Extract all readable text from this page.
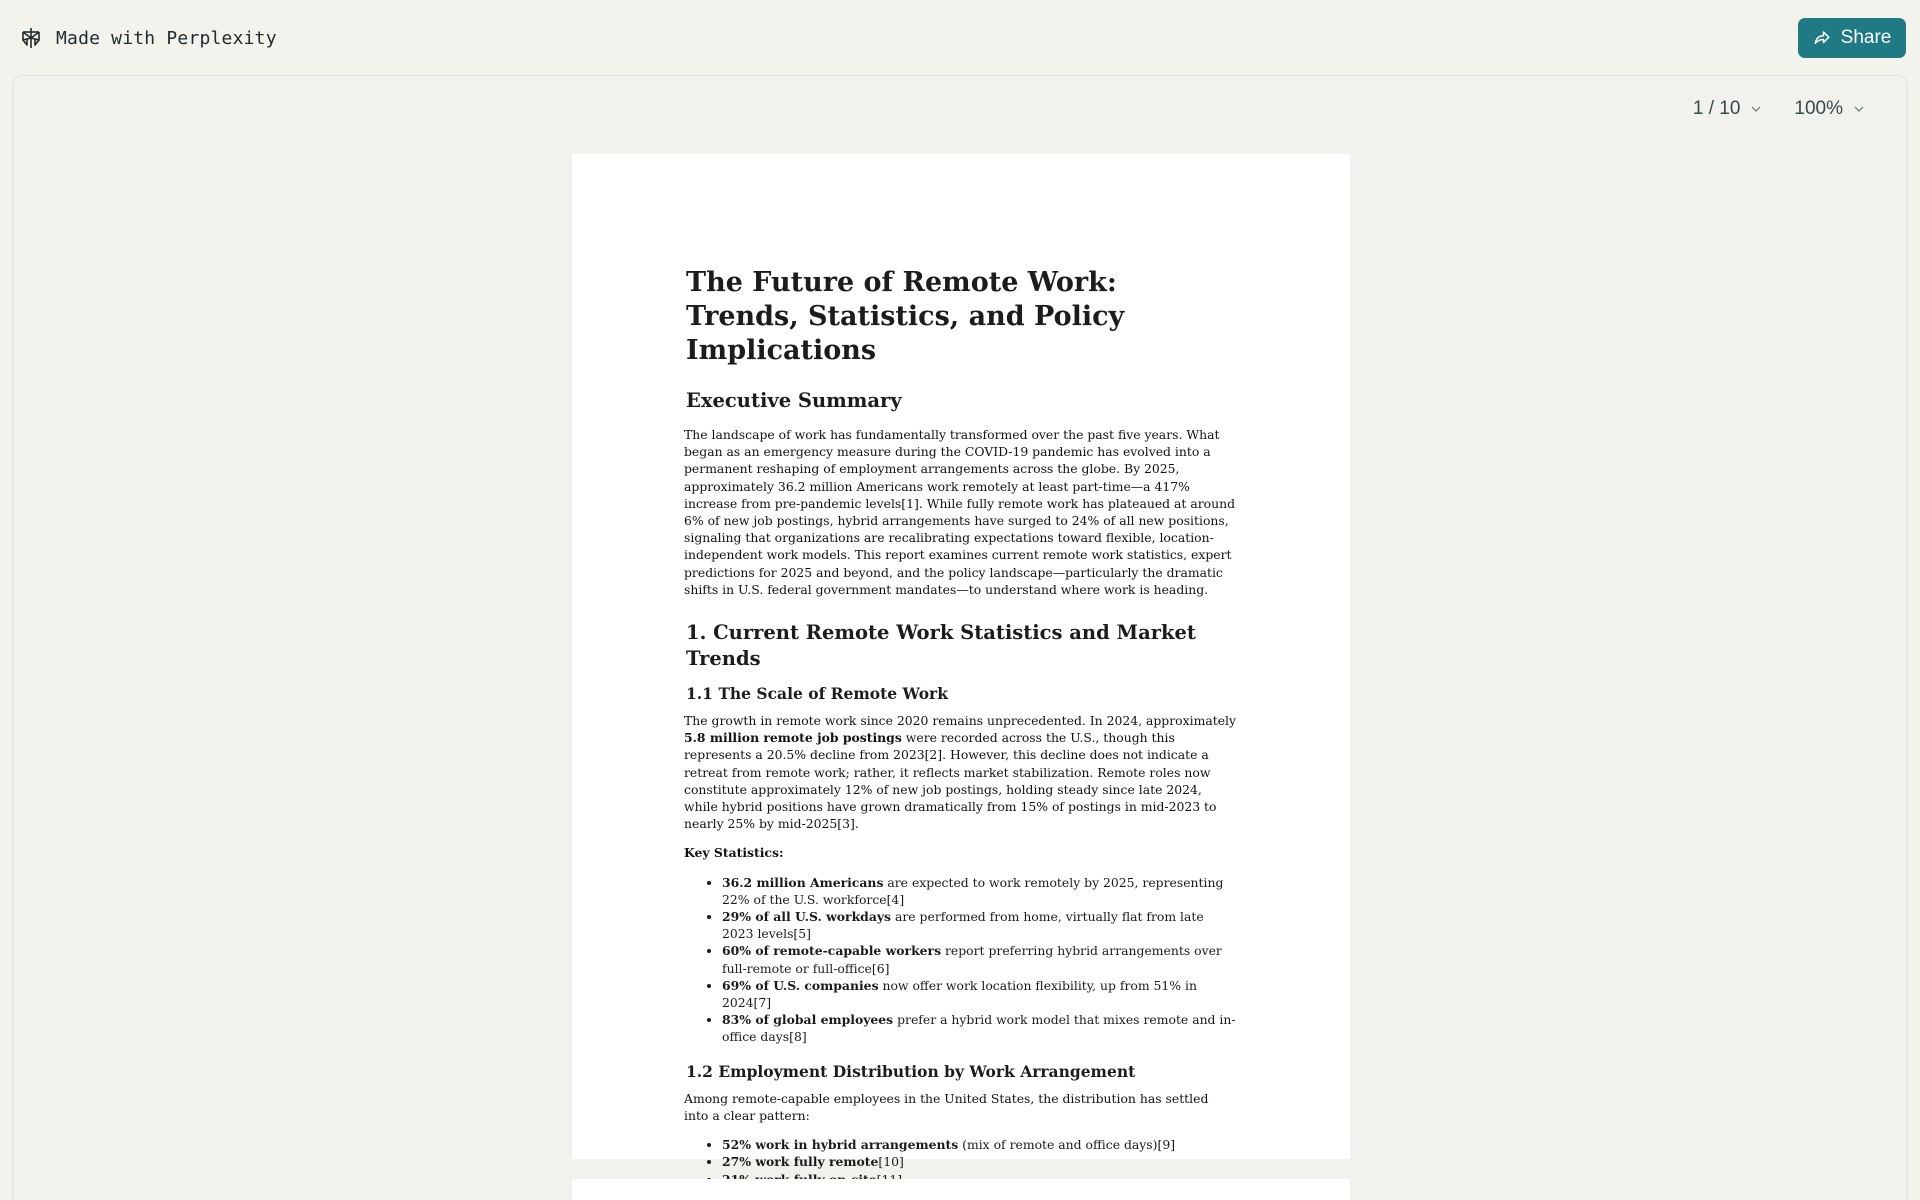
Made with Perplexity	Share
1 / 10	100%
The Future of Remote Work: Trends, Statistics, and Policy Implications
Executive Summary
The landscape of work has fundamentally transformed over the past five years. What began as an emergency measure during the COVID-19 pandemic has evolved into a permanent reshaping of employment arrangements across the globe. By 2025, approximately 36.2 million Americans work remotely at least part-time—a 417% increase from pre-pandemic levels[1]. While fully remote work has plateaued at around 6% of new job postings, hybrid arrangements have surged to 24% of all new positions, signaling that organizations are recalibrating expectations toward flexible, location-independent work models. This report examines current remote work statistics, expert predictions for 2025 and beyond, and the policy landscape—particularly the dramatic shifts in U.S. federal government mandates—to understand where work is heading.
1. Current Remote Work Statistics and Market Trends
1.1 The Scale of Remote Work
The growth in remote work since 2020 remains unprecedented. In 2024, approximately 5.8 million remote job postings were recorded across the U.S., though this represents a 20.5% decline from 2023[2]. However, this decline does not indicate a retreat from remote work; rather, it reflects market stabilization. Remote roles now constitute approximately 12% of new job postings, holding steady since late 2024, while hybrid positions have grown dramatically from 15% of postings in mid-2023 to nearly 25% by mid-2025[3].
Key Statistics:
• 36.2 million Americans are expected to work remotely by 2025, representing 22% of the U.S. workforce[4]
• 29% of all U.S. workdays are performed from home, virtually flat from late 2023 levels[5]
• 60% of remote-capable workers report preferring hybrid arrangements over full-remote or full-office[6]
• 69% of U.S. companies now offer work location flexibility, up from 51% in 2024[7]
• 83% of global employees prefer a hybrid work model that mixes remote and in-office days[8]
1.2 Employment Distribution by Work Arrangement
Among remote-capable employees in the United States, the distribution has settled into a clear pattern:
• 52% work in hybrid arrangements (mix of remote and office days)[9]
• 27% work fully remote[10]
•
